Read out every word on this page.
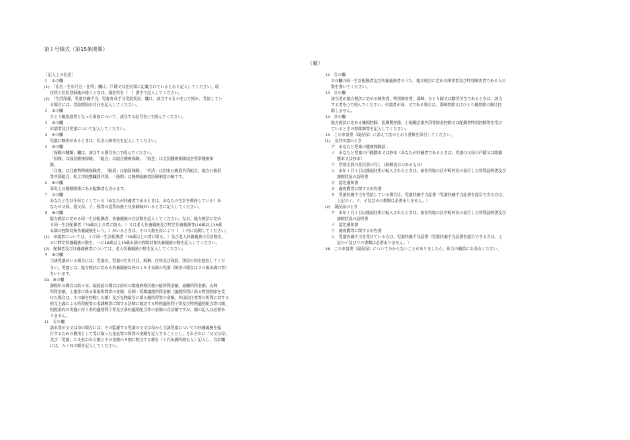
第１号様式（第15条関係）
（裏）
［記入上の注意］
１　①の欄
(1)　「氏名・生年月日・住所」欄は、戸籍又は住民票に記載されているとおり記入してください。現
住所と住民登録地が違うときは、現住所を（　）書きで記入してください。
(2)　「生活保護、児童扶養手当、児童育成手当受給状況」欄は、該当するものを○で囲み、受給してい
る場合には、受給開始年月日を記入してください。
２　②の欄
ひとり親家庭等となった事由について、該当する記号を○で囲んでください。
３　③の欄
申請者及び児童について記入してください。
４　④の欄
児童に障害があるときは、氏名と障害名を記入してください。
５　⑤の欄
「保険の種類」欄は、該当する番号を○で囲んでください。
「国保」は国民健康保険、「組合」は組合健康保険、「協会」は全国健康保険協会管掌健康保
険、
「日雇」は日雇特例被保険者、「船員」は船員保険、「共済」は国家公務員共済組合、地方公務員
等共済組合、私立学校教職員共済、「後期」は後期高齢者医療制度の略です。
６　⑥の欄
事実上の婚姻関係にある配偶者も含みます。
７　⑦の欄
あなたと生計を同じくしている（あなたが扶養者であるときは、あなたの生計を維持している）あ
なたの父母、祖父母、子、孫等の直系血族と兄弟姉妹がいるときに記入してください。
８　⑧の欄
地方税法に定める同一生計配偶者、扶養親族の合計数を記入してください。なお、地方税法に定め
る同一生計配偶者（70歳以上の者に限る。）又は老人扶養親族及び特定扶養親族等(16歳以上19歳
未満の控除対象扶養親族をいう。）がいるときは、その人数を次により（　）内に再掲してください。
(1)　申請者については、イに同一生計配偶者（70歳以上の者に限る。）及び老人扶養親族の合計数を、
ロに特定扶養親族の数を、ハに16歳以上19歳未満の控除対象扶養親族の数を記入してください。
(2)　配偶者及び扶養義務者については、老人扶養親族の数を記入してください。
９　⑨の欄
当該児童がいる場合には、児童名、児童の生年月日、続柄、住所及び同居、別居の別を提出してくだ
さい。児童とは、地方税法に定める扶養親族以外の１８才未満の児童（障害の場合は２０歳未満の者）
をいいます。
10　⑩の欄
課税年の場合は前々年、現況届の場合は前年の都道府県民税の総所得金額、退職所得金額、山林
所得金額、土地等に係る事業所得等の金額、長期・短期譲渡所得金額（譲渡所得に係る特別控除を受
けた場合は、その額を控除した額）及び先物取引に係る雑所得等の金額、外国居住者等の所得に対する
相互主義による所得税等の非課税等に関する法律に規定する特例適用利子等及び特例適用配当等の額、
租税条約の実施に伴う条約適用利子等及び条約適用配当等の金額の合計額ですが、額の記入は必要あ
りません。
11　⑪の欄
請求者が父又は母の場合には、その監護する児童の父又は母から当該児童についての扶養義務を履
行するための費用として受け取った金品等の所得の金額を記入することとし、それぞれに「父又は母」
及び「児童」に支払われた額とその金額の８割に相当する額を（１円未満四捨五入）記入し、合計欄
には、Ａ＋Ｂの額を記入してください。
12　⑫の欄
⑦の欄の同一生計配偶者及び扶養義務者のうち、地方税法に定める障害者及び特別障害者である人の
数を書いてください。
13　⑬の欄
該当者が地方税法に定める障害者、特別障害者、寡婦、ひとり親又は勤労学生であるときは、該当
する者を○で囲んでください。申請者が母、又である場合は、寡婦控除又はひとり親控除の額は控
除しません。
14　⑭の欄
地方税法に定める雑損控除、医療費控除、小規模企業共済等掛金控除又は配偶者特別控除等を受け
ているときの控除額等を記入してください。
15　この申請書（現況届）に添えて次のとおり書類を添付してください。
(1)　交付申請のとき
ア　あなたと児童の健康保険証
イ　あなたと児童の戸籍謄本又は抄本（あなたが扶養者であるときは、児童の父母の戸籍又は除籍
謄本又は抄本）
ウ　世帯全員の住民票の写し（続柄表示のあるもの）
エ　本年１月２日以後現住所に転入されたときは、前住所地の区市町村長の発行した所得証明書及び
課税状況の証明書
オ　認定通知書
カ　養育費等に関する申告書
キ　児童扶養手当を受給している場合は、児童扶養手当証書（児童扶養手当証書を提示できる方は、
上記のイ、ウ、オ及びカの書類は必要ありません。）
(2)　現況届のとき
ア　本年１月２日以後現住所に転入されたときは、前住所地の区市町村長の発行した所得証明書及び
課税状況の証明書
イ　認定通知書
ウ　養育費等に関する申告書
エ　児童扶養手当を受けている方は、児童扶養手当証書（児童扶養手当証書を提示できる方は、上
記のイ及びウの書類は必要ありません。）
16　この申請書（現況届）について分からないことがありましたら、担当の職員にお尋ねください。
